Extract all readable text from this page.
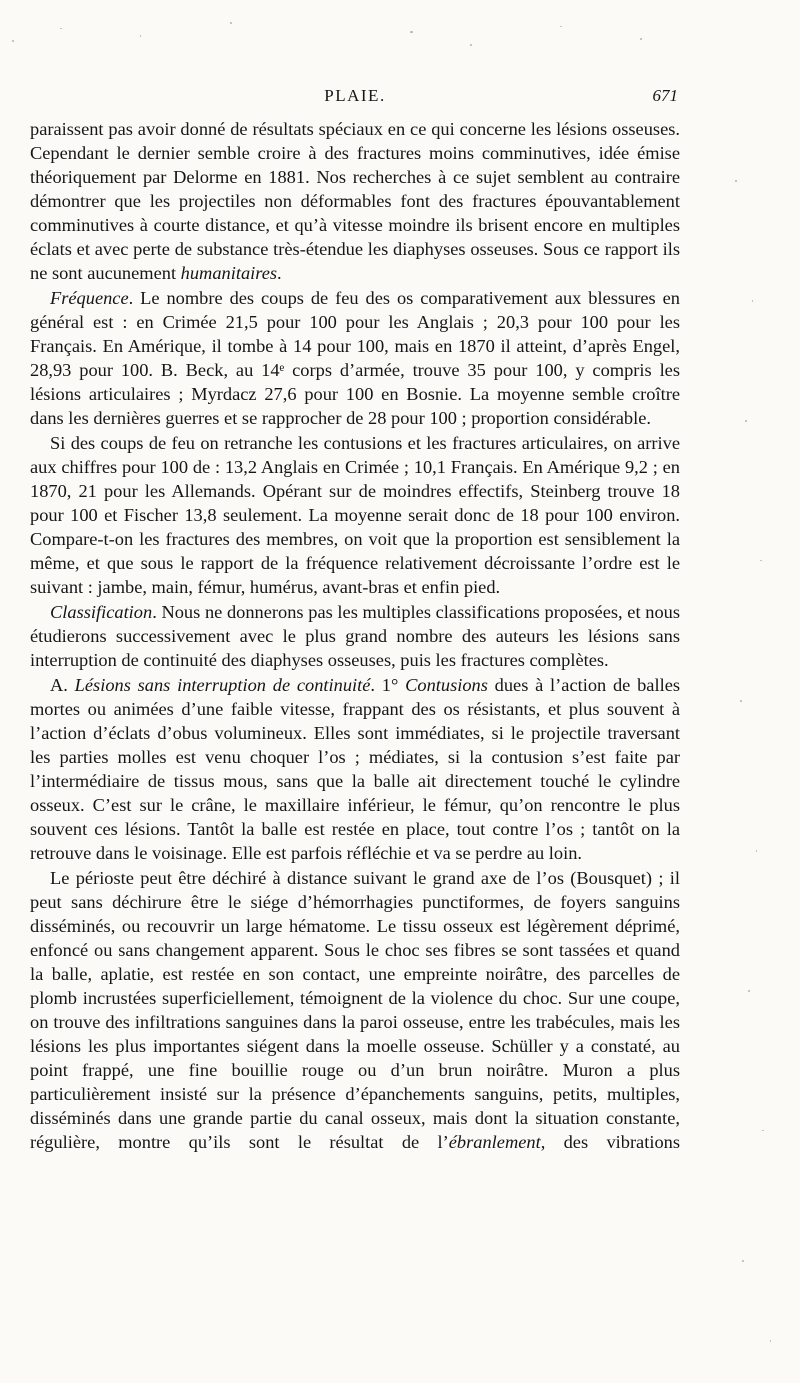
PLAIE.	671

paraissent pas avoir donné de résultats spéciaux en ce qui concerne les lésions osseuses. Cependant le dernier semble croire à des fractures moins comminutives, idée émise théoriquement par Delorme en 1881. Nos recherches à ce sujet semblent au contraire démontrer que les projectiles non déformables font des fractures épouvantablement comminutives à courte distance, et qu’à vitesse moindre ils brisent encore en multiples éclats et avec perte de substance très-étendue les diaphyses osseuses. Sous ce rapport ils ne sont aucunement humanitaires.

Fréquence. Le nombre des coups de feu des os comparativement aux blessures en général est : en Crimée 21,5 pour 100 pour les Anglais ; 20,3 pour 100 pour les Français. En Amérique, il tombe à 14 pour 100, mais en 1870 il atteint, d’après Engel, 28,93 pour 100. B. Beck, au 14ᵉ corps d’armée, trouve 35 pour 100, y compris les lésions articulaires ; Myrdacz 27,6 pour 100 en Bosnie. La moyenne semble croître dans les dernières guerres et se rapprocher de 28 pour 100 ; proportion considérable.

Si des coups de feu on retranche les contusions et les fractures articulaires, on arrive aux chiffres pour 100 de : 13,2 Anglais en Crimée ; 10,1 Français. En Amérique 9,2 ; en 1870, 21 pour les Allemands. Opérant sur de moindres effectifs, Steinberg trouve 18 pour 100 et Fischer 13,8 seulement. La moyenne serait donc de 18 pour 100 environ. Compare-t-on les fractures des membres, on voit que la proportion est sensiblement la même, et que sous le rapport de la fréquence relativement décroissante l’ordre est le suivant : jambe, main, fémur, humérus, avant-bras et enfin pied.

Classification. Nous ne donnerons pas les multiples classifications proposées, et nous étudierons successivement avec le plus grand nombre des auteurs les lésions sans interruption de continuité des diaphyses osseuses, puis les fractures complètes.

A. Lésions sans interruption de continuité. 1° Contusions dues à l’action de balles mortes ou animées d’une faible vitesse, frappant des os résistants, et plus souvent à l’action d’éclats d’obus volumineux. Elles sont immédiates, si le projectile traversant les parties molles est venu choquer l’os ; médiates, si la contusion s’est faite par l’intermédiaire de tissus mous, sans que la balle ait directement touché le cylindre osseux. C’est sur le crâne, le maxillaire inférieur, le fémur, qu’on rencontre le plus souvent ces lésions. Tantôt la balle est restée en place, tout contre l’os ; tantôt on la retrouve dans le voisinage. Elle est parfois réfléchie et va se perdre au loin.

Le périoste peut être déchiré à distance suivant le grand axe de l’os (Bousquet) ; il peut sans déchirure être le siége d’hémorrhagies punctiformes, de foyers sanguins disséminés, ou recouvrir un large hématome. Le tissu osseux est légèrement déprimé, enfoncé ou sans changement apparent. Sous le choc ses fibres se sont tassées et quand la balle, aplatie, est restée en son contact, une empreinte noirâtre, des parcelles de plomb incrustées superficiellement, témoignent de la violence du choc. Sur une coupe, on trouve des infiltrations sanguines dans la paroi osseuse, entre les trabécules, mais les lésions les plus importantes siégent dans la moelle osseuse. Schüller y a constaté, au point frappé, une fine bouillie rouge ou d’un brun noirâtre. Muron a plus particulièrement insisté sur la présence d’épanchements sanguins, petits, multiples, disséminés dans une grande partie du canal osseux, mais dont la situation constante, régulière, montre qu’ils sont le résultat de l’ébranlement, des vibrations
